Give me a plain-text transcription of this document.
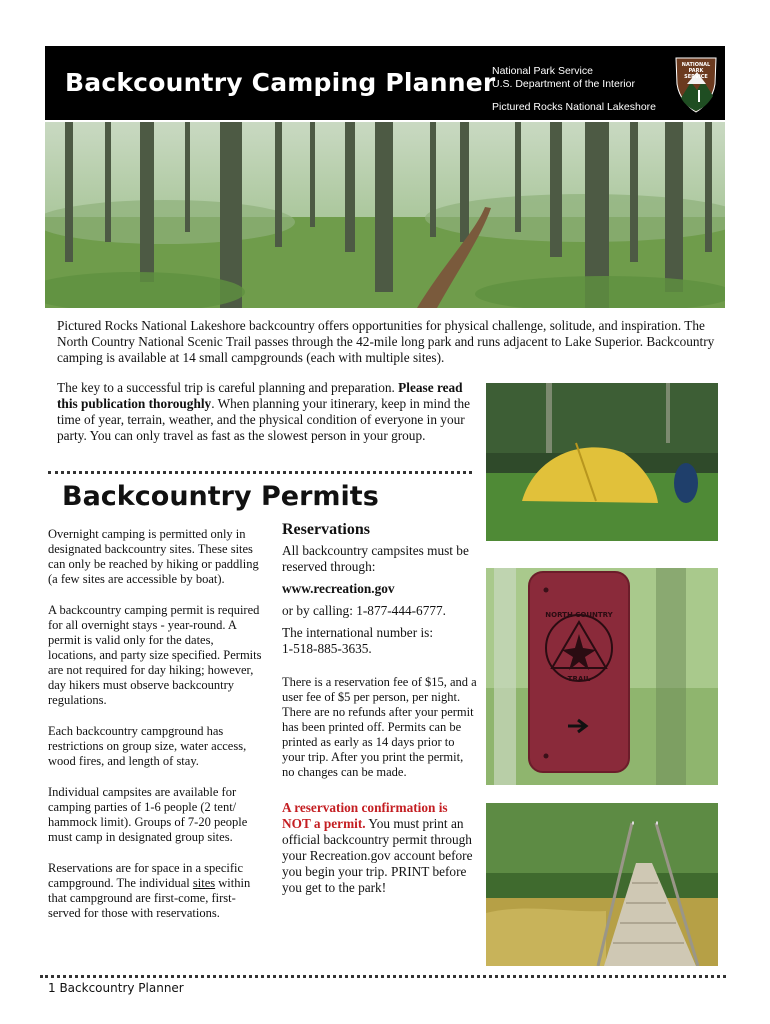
Backcountry Camping Planner
National Park Service
U.S. Department of the Interior
Pictured Rocks National Lakeshore
NATIONAL
PARK
SERVICE
Pictured Rocks National Lakeshore backcountry offers opportunities for physical challenge, solitude, and inspiration. The North Country National Scenic Trail passes through the 42-mile long park and runs adjacent to Lake Superior. Backcountry camping is available at 14 small campgrounds (each with multiple sites).
The key to a successful trip is careful planning and preparation. Please read this publication thoroughly. When planning your itinerary, keep in mind the time of year, terrain, weather, and the physical condition of everyone in your party. You can only travel as fast as the slowest person in your group.
Backcountry Permits

Overnight camping is permitted only in designated backcountry sites. These sites can only be reached by hiking or paddling (a few sites are accessible by boat).

A backcountry camping permit is required for all overnight stays - year-round. A permit is valid only for the dates, locations, and party size specified. Permits are not required for day hiking; however, day hikers must observe backcountry regulations.

Each backcountry campground has restrictions on group size, water access, wood fires, and length of stay.

Individual campsites are available for camping parties of 1-6 people (2 tent/ hammock limit). Groups of 7-20 people must camp in designated group sites.

Reservations are for space in a specific campground. The individual sites within that campground are first-come, first-served for those with reservations.

Reservations

All backcountry campsites must be reserved through:

www.recreation.gov

or by calling: 1-877-444-6777.

The international number is:

1-518-885-3635.

There is a reservation fee of $15, and a user fee of $5 per person, per night. There are no refunds after your permit has been printed off. Permits can be printed as early as 14 days prior to your trip. After you print the permit, no changes can be made.

A reservation confirmation is NOT a permit. You must print an official backcountry permit through your Recreation.gov account before you begin your trip. PRINT before you get to the park!

NORTH COUNTRY
TRAIL
1 Backcountry Planner
